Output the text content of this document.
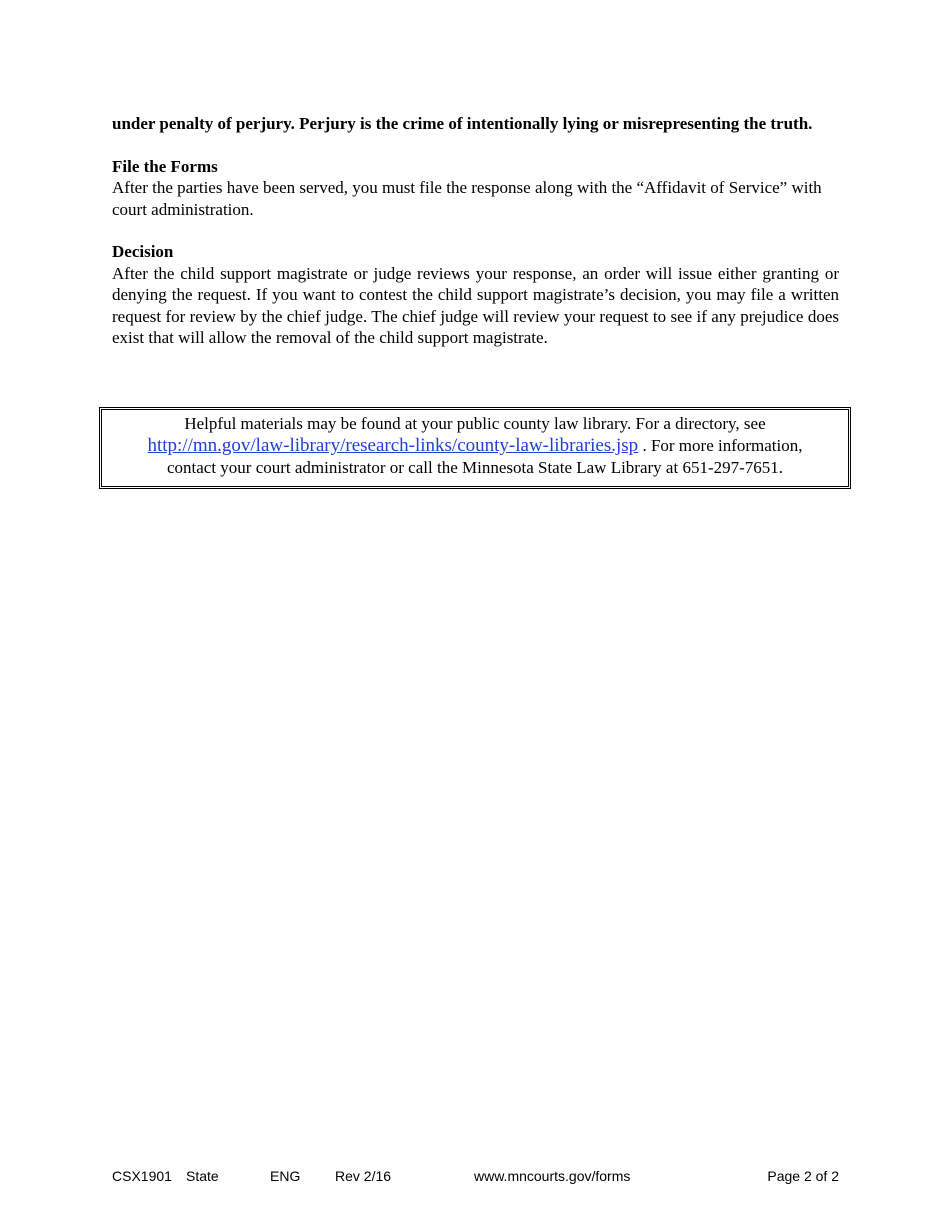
under penalty of perjury. Perjury is the crime of intentionally lying or misrepresenting the truth.

File the Forms

After the parties have been served, you must file the response along with the “Affidavit of Service” with court administration.

Decision

After the child support magistrate or judge reviews your response, an order will issue either granting or denying the request. If you want to contest the child support magistrate’s decision, you may file a written request for review by the chief judge. The chief judge will review your request to see if any prejudice does exist that will allow the removal of the child support magistrate.

Helpful materials may be found at your public county law library. For a directory, see
http://mn.gov/law-library/research-links/county-law-libraries.jsp . For more information,
contact your court administrator or call the Minnesota State Law Library at 651-297-7651.
CSX1901 State	ENG Rev 2/16	www.mncourts.gov/forms	Page 2 of 2
